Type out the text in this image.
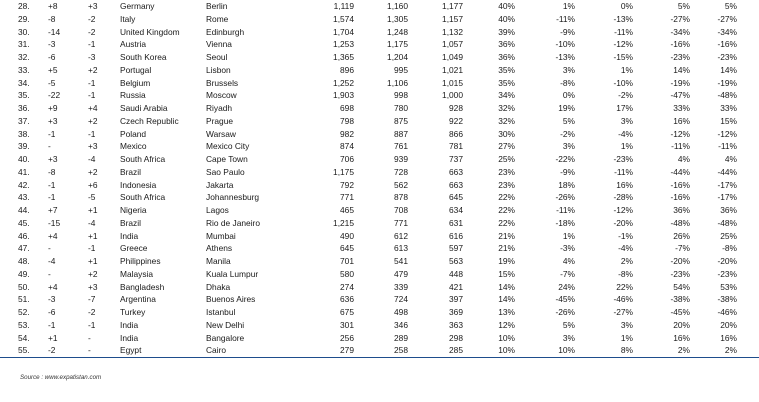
28.	+8	+3	Germany	Berlin	1,119	1,160	1,177	40%	1%	0%	5%	5%
29.	-8	-2	Italy	Rome	1,574	1,305	1,157	40%	-11%	-13%	-27%	-27%
30.	-14	-2	United Kingdom	Edinburgh	1,704	1,248	1,132	39%	-9%	-11%	-34%	-34%
31.	-3	-1	Austria	Vienna	1,253	1,175	1,057	36%	-10%	-12%	-16%	-16%
32.	-6	-3	South Korea	Seoul	1,365	1,204	1,049	36%	-13%	-15%	-23%	-23%
33.	+5	+2	Portugal	Lisbon	896	995	1,021	35%	3%	1%	14%	14%
34.	-5	-1	Belgium	Brussels	1,252	1,106	1,015	35%	-8%	-10%	-19%	-19%
35.	-22	-1	Russia	Moscow	1,903	998	1,000	34%	0%	-2%	-47%	-48%
36.	+9	+4	Saudi Arabia	Riyadh	698	780	928	32%	19%	17%	33%	33%
37.	+3	+2	Czech Republic	Prague	798	875	922	32%	5%	3%	16%	15%
38.	-1	-1	Poland	Warsaw	982	887	866	30%	-2%	-4%	-12%	-12%
39.	-	+3	Mexico	Mexico City	874	761	781	27%	3%	1%	-11%	-11%
40.	+3	-4	South Africa	Cape Town	706	939	737	25%	-22%	-23%	4%	4%
41.	-8	+2	Brazil	Sao Paulo	1,175	728	663	23%	-9%	-11%	-44%	-44%
42.	-1	+6	Indonesia	Jakarta	792	562	663	23%	18%	16%	-16%	-17%
43.	-1	-5	South Africa	Johannesburg	771	878	645	22%	-26%	-28%	-16%	-17%
44.	+7	+1	Nigeria	Lagos	465	708	634	22%	-11%	-12%	36%	36%
45.	-15	-4	Brazil	Rio de Janeiro	1,215	771	631	22%	-18%	-20%	-48%	-48%
46.	+4	+1	India	Mumbai	490	612	616	21%	1%	-1%	26%	25%
47.	-	-1	Greece	Athens	645	613	597	21%	-3%	-4%	-7%	-8%
48.	-4	+1	Philippines	Manila	701	541	563	19%	4%	2%	-20%	-20%
49.	-	+2	Malaysia	Kuala Lumpur	580	479	448	15%	-7%	-8%	-23%	-23%
50.	+4	+3	Bangladesh	Dhaka	274	339	421	14%	24%	22%	54%	53%
51.	-3	-7	Argentina	Buenos Aires	636	724	397	14%	-45%	-46%	-38%	-38%
52.	-6	-2	Turkey	Istanbul	675	498	369	13%	-26%	-27%	-45%	-46%
53.	-1	-1	India	New Delhi	301	346	363	12%	5%	3%	20%	20%
54.	+1	-	India	Bangalore	256	289	298	10%	3%	1%	16%	16%
55.	-2	-	Egypt	Cairo	279	258	285	10%	10%	8%	2%	2%
Source : www.expatistan.com
